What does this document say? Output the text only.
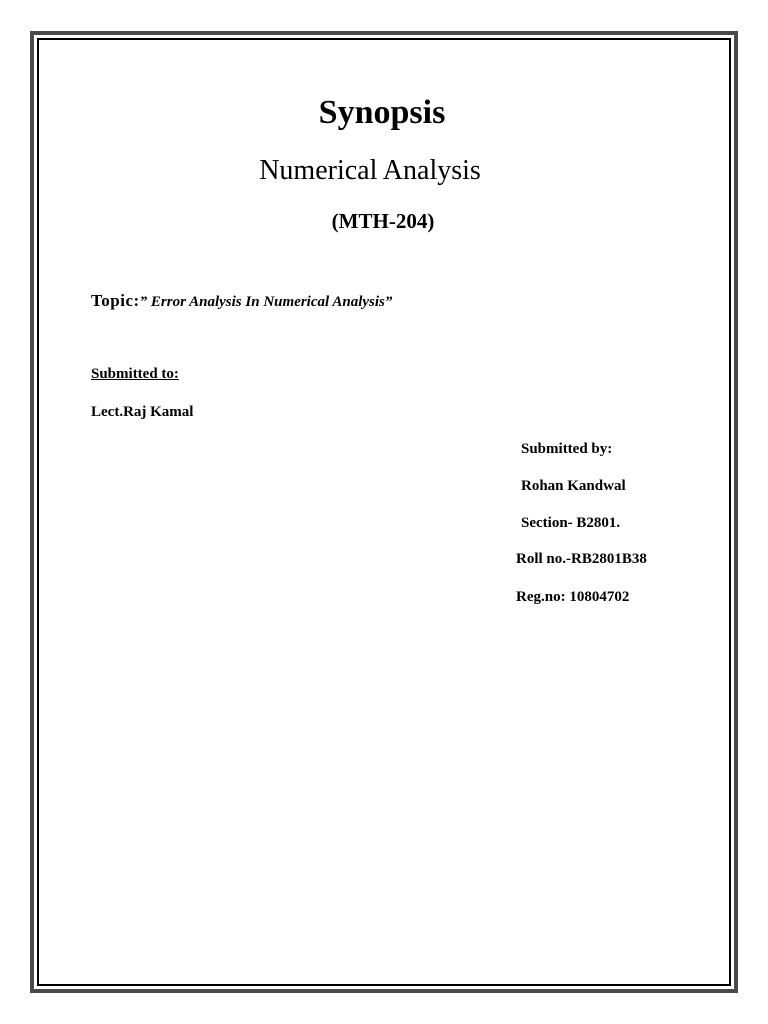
Synopsis
Numerical Analysis
(MTH-204)
Topic:” Error Analysis In Numerical Analysis”
Submitted to:
Lect.Raj Kamal
Submitted by:
Rohan Kandwal
Section- B2801.
Roll no.-RB2801B38
Reg.no: 10804702
